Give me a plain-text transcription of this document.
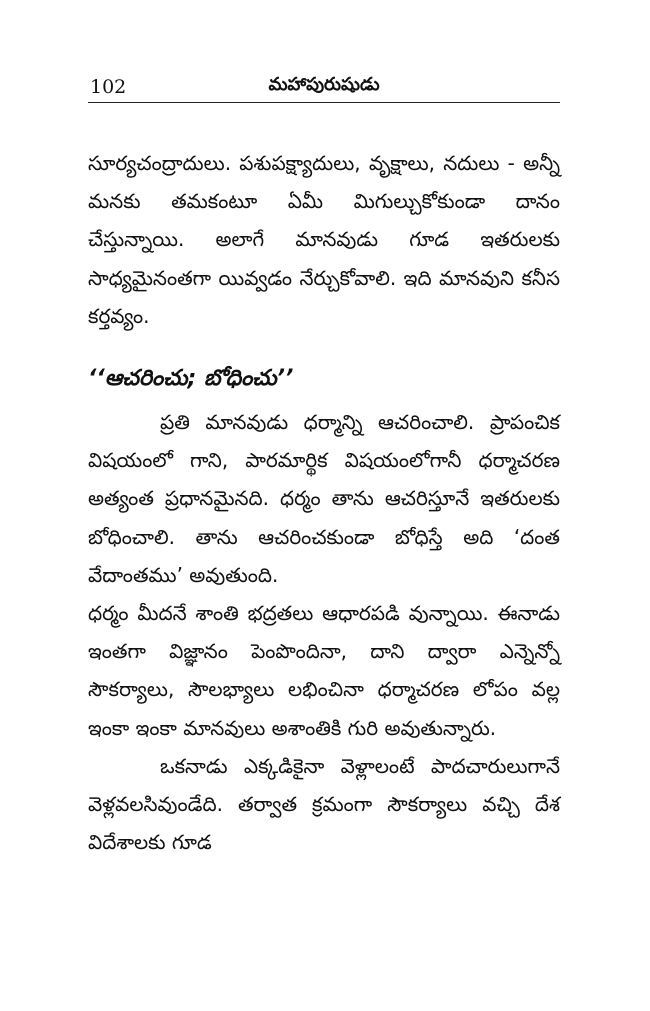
102	మహాపురుషుడు

సూర్యచంద్రాదులు. పశుపక్ష్యాదులు, వృక్షాలు, నదులు - అన్నీ మనకు తమకంటూ ఏమీ మిగుల్చుకోకుండా దానం చేస్తున్నాయి. అలాగే మానవుడు గూడ ఇతరులకు సాధ్యమైనంతగా యివ్వడం నేర్చుకోవాలి. ఇది మానవుని కనీస కర్తవ్యం.

‘‘ఆచరించు; బోధించు’’

ప్రతి మానవుడు ధర్మాన్ని ఆచరించాలి. ప్రాపంచిక విషయంలో గాని, పారమార్థిక విషయంలోగానీ ధర్మాచరణ అత్యంత ప్రధానమైనది. ధర్మం తాను ఆచరిస్తూనే ఇతరులకు బోధించాలి. తాను ఆచరించకుండా బోధిస్తే అది ‘దంత వేదాంతము’ అవుతుంది.

ధర్మం మీదనే శాంతి భద్రతలు ఆధారపడి వున్నాయి. ఈనాడు ఇంతగా విజ్ఞానం పెంపొందినా, దాని ద్వారా ఎన్నెన్నో సౌకర్యాలు, సౌలభ్యాలు లభించినా ధర్మాచరణ లోపం వల్ల ఇంకా ఇంకా మానవులు అశాంతికి గురి అవుతున్నారు.

ఒకనాడు ఎక్కడికైనా వెళ్లాలంటే పాదచారులుగానే వెళ్లవలసివుండేది. తర్వాత క్రమంగా సౌకర్యాలు వచ్చి దేశ విదేశాలకు గూడ
